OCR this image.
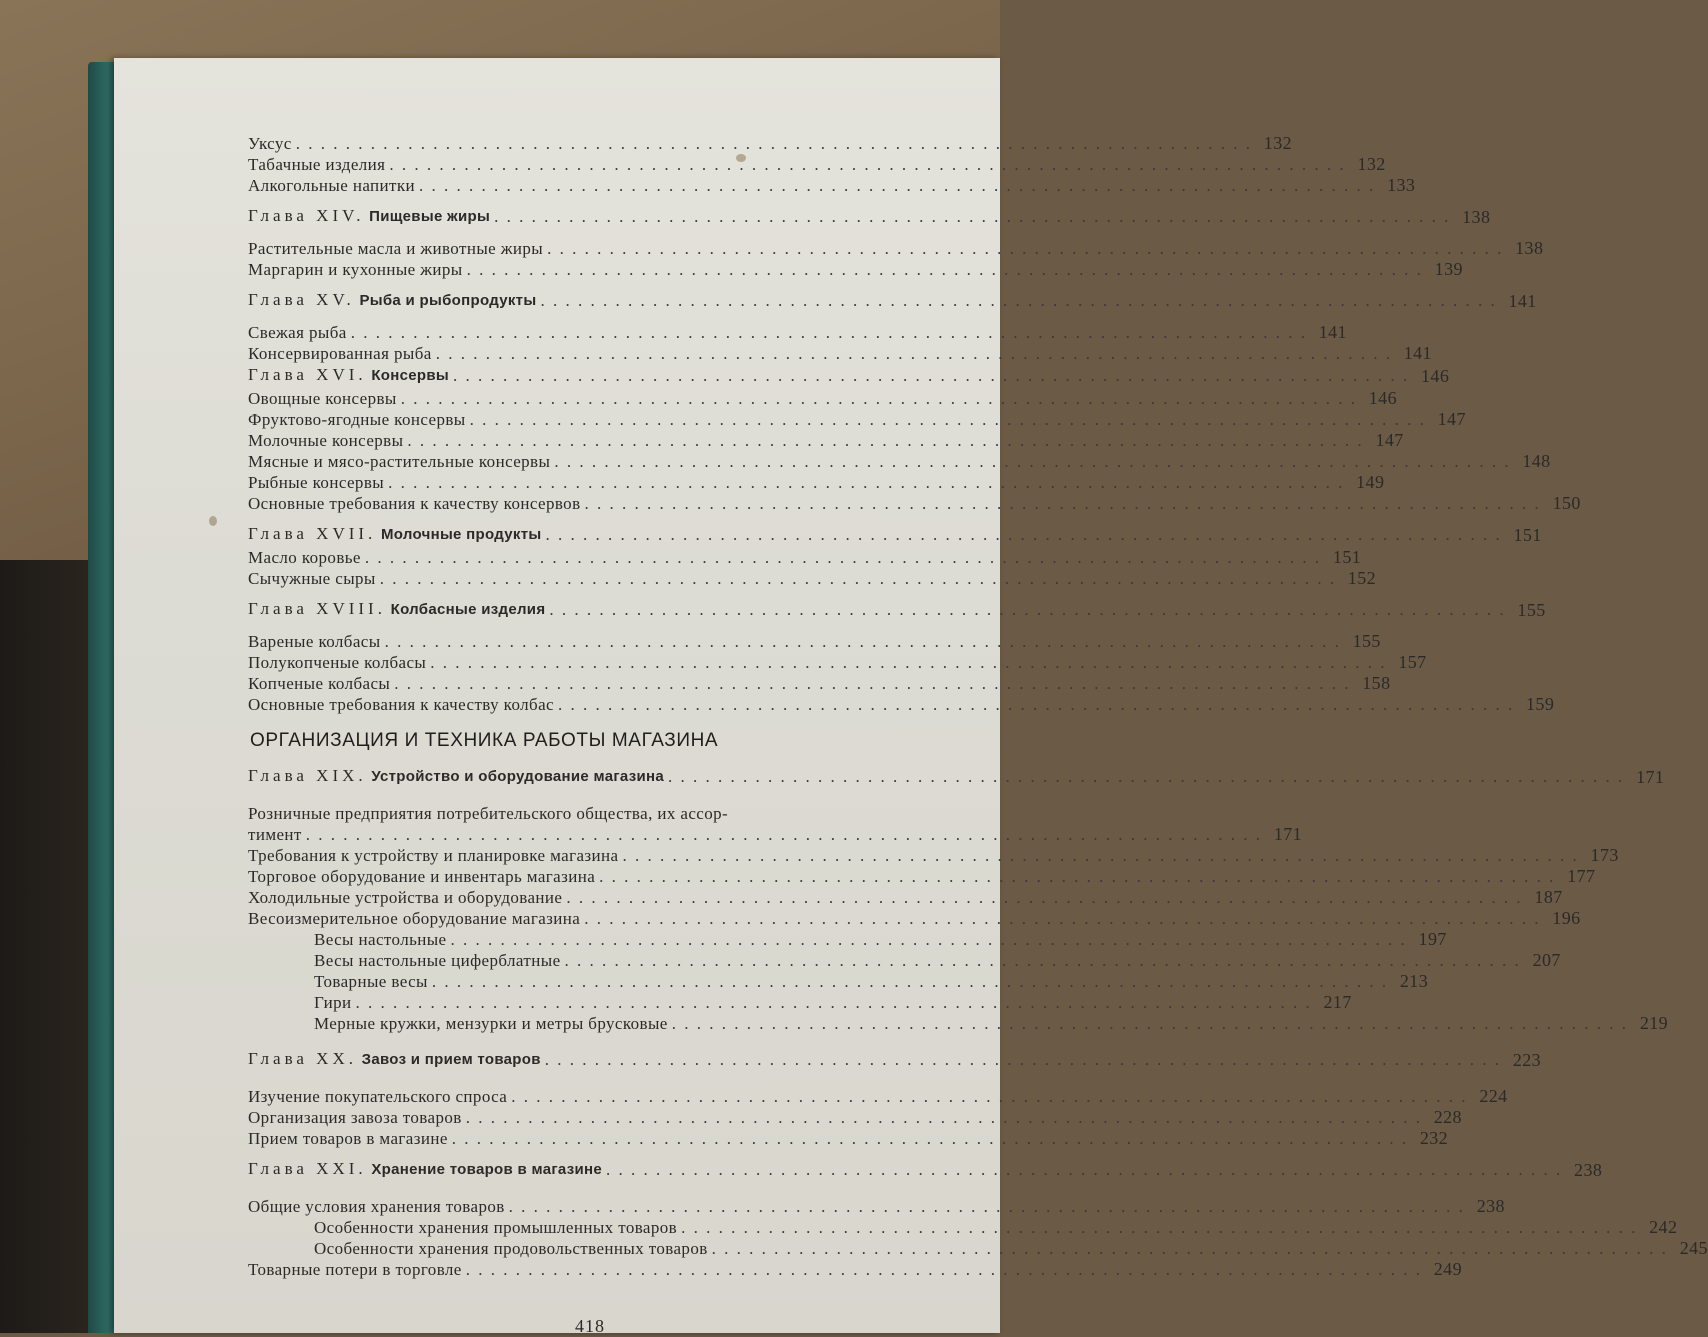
Уксус . . .	132
Табачные изделия . . .	132
Алкогольные напитки . . .	133
Глава XIV. Пищевые жиры . . .	138
Растительные масла и животные жиры . . .	138
Маргарин и кухонные жиры . . .	139
Глава XV. Рыба и рыбопродукты . . .	141
Свежая рыба . . .	141
Консервированная рыба . . .	141
Глава XVI. Консервы . . .	146
Овощные консервы . . .	146
Фруктово-ягодные консервы . . .	147
Молочные консервы . . .	147
Мясные и мясо-растительные консервы . . .	148
Рыбные консервы . . .	149
Основные требования к качеству консервов . . .	150
Глава XVII. Молочные продукты . . .	151
Масло коровье . . .	151
Сычужные сыры . . .	152
Глава XVIII. Колбасные изделия . . .	155
Вареные колбасы . . .	155
Полукопченые колбасы . . .	157
Копченые колбасы . . .	158
Основные требования к качеству колбас . . .	159
ОРГАНИЗАЦИЯ И ТЕХНИКА РАБОТЫ МАГАЗИНА
Глава XIX. Устройство и оборудование магазина . . .	171
Розничные предприятия потребительского общества, их ассор-
тимент . . .	171
Требования к устройству и планировке магазина . . .	173
Торговое оборудование и инвентарь магазина . . .	177
Холодильные устройства и оборудование . . .	187
Весоизмерительное оборудование магазина . . .	196
Весы настольные . . .	197
Весы настольные циферблатные . . .	207
Товарные весы . . .	213
Гири . . .	217
Мерные кружки, мензурки и метры брусковые . . .	219
Глава XX. Завоз и прием товаров . . .	223
Изучение покупательского спроса . . .	224
Организация завоза товаров . . .	228
Прием товаров в магазине . . .	232
Глава XXI. Хранение товаров в магазине . . .	238
Общие условия хранения товаров . . .	238
Особенности хранения промышленных товаров . . .	242
Особенности хранения продовольственных товаров . . .	245
Товарные потери в торговле . . .	249
418
